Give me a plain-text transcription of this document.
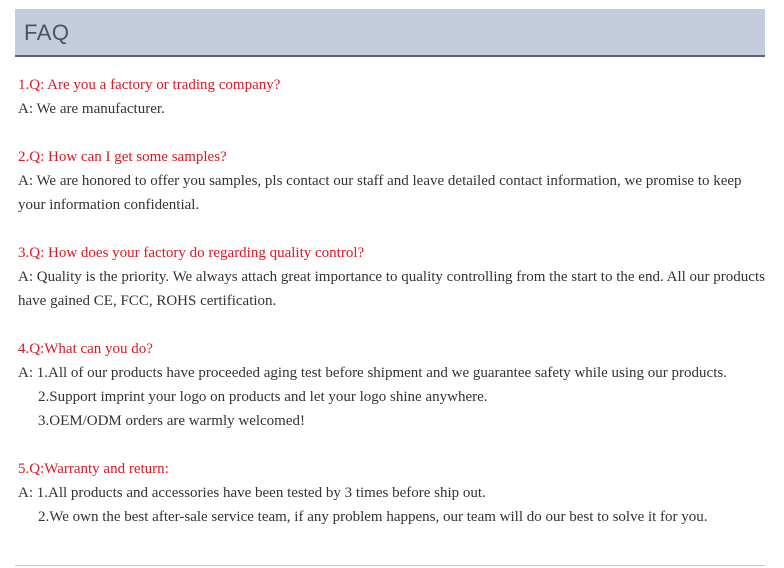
FAQ
1.Q: Are you a factory or trading company?
A: We are manufacturer.
2.Q: How can I get some samples?
A: We are honored to offer you samples, pls contact our staff and leave detailed contact information, we promise to keep your information confidential.
3.Q: How does your factory do regarding quality control?
A: Quality is the priority. We always attach great importance to quality controlling from the start to the end. All our products have gained CE, FCC, ROHS certification.
4.Q:What can you do?
A: 1.All of our products have proceeded aging test before shipment and we guarantee safety while using our products.
2.Support imprint your logo on products and let your logo shine anywhere.
3.OEM/ODM orders are warmly welcomed!
5.Q:Warranty and return:
A: 1.All products and accessories have been tested by 3 times before ship out.
2.We own the best after-sale service team, if any problem happens, our team will do our best to solve it for you.
